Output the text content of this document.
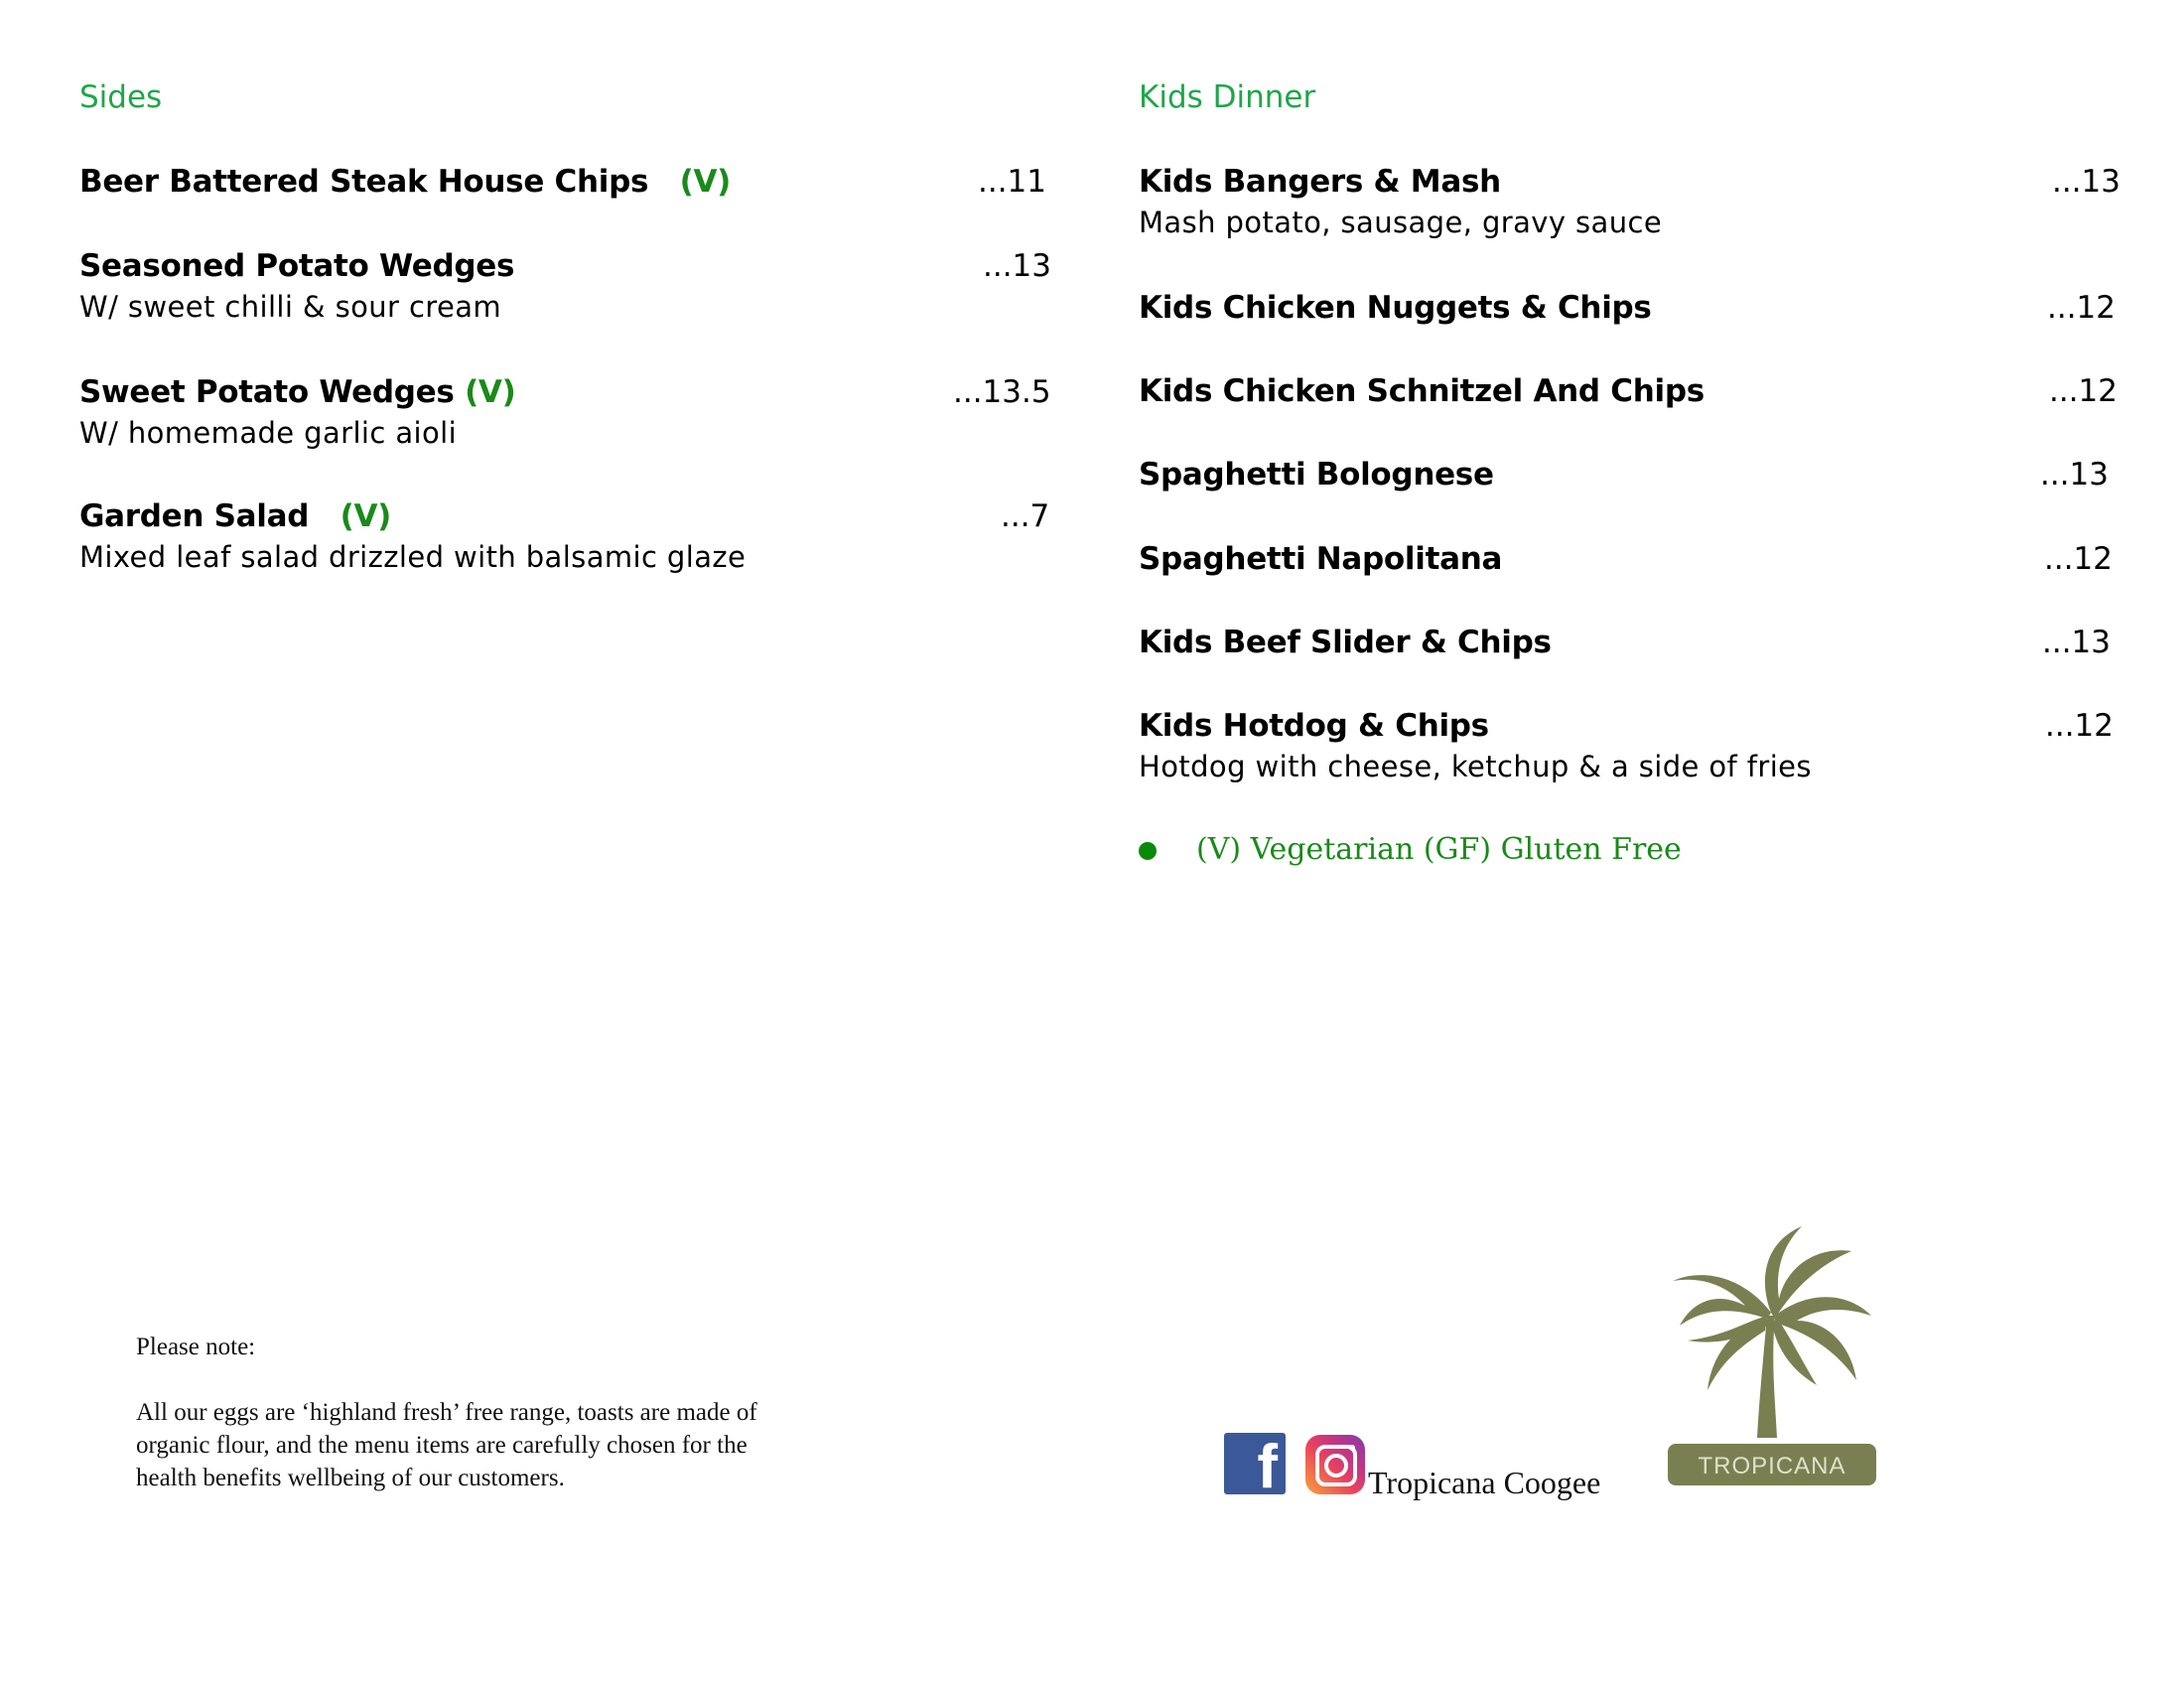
Sides
Beer Battered Steak House Chips (V)	...11
Seasoned Potato Wedges	...13
W/ sweet chilli & sour cream
Sweet Potato Wedges (V)	...13.5
W/ homemade garlic aioli
Garden Salad (V)	...7
Mixed leaf salad drizzled with balsamic glaze
Kids Dinner
Kids Bangers & Mash	...13
Mash potato, sausage, gravy sauce
Kids Chicken Nuggets & Chips	...12
Kids Chicken Schnitzel And Chips	...12
Spaghetti Bolognese	...13
Spaghetti Napolitana	...12
Kids Beef Slider & Chips	...13
Kids Hotdog & Chips	...12
Hotdog with cheese, ketchup & a side of fries
(V) Vegetarian (GF) Gluten Free
Please note:
All our eggs are ‘highland fresh’ free range, toasts are made of
organic flour, and the menu items are carefully chosen for the
health benefits wellbeing of our customers.	f	Tropicana Coogee	TROPICANA
